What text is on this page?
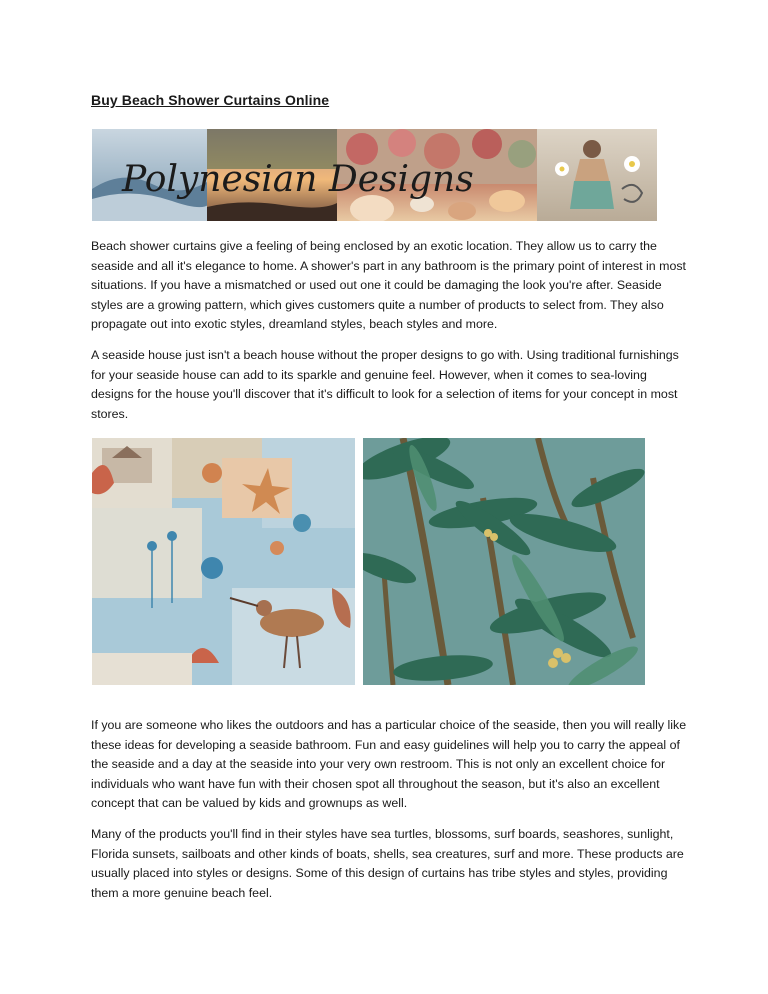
Buy Beach Shower Curtains Online
Polynesian Designs

Beach shower curtains give a feeling of being enclosed by an exotic location. They allow us to carry the seaside and all it's elegance to home. A shower's part in any bathroom is the primary point of interest in most situations. If you have a mismatched or used out one it could be damaging the look you're after. Seaside styles are a growing pattern, which gives customers quite a number of products to select from. They also propagate out into exotic styles, dreamland styles, beach styles and more.

A seaside house just isn't a beach house without the proper designs to go with. Using traditional furnishings for your seaside house can add to its sparkle and genuine feel. However, when it comes to sea-loving designs for the house you'll discover that it's difficult to look for a selection of items for your concept in most stores.

If you are someone who likes the outdoors and has a particular choice of the seaside, then you will really like these ideas for developing a seaside bathroom. Fun and easy guidelines will help you to carry the appeal of the seaside and a day at the seaside into your very own restroom. This is not only an excellent choice for individuals who want have fun with their chosen spot all throughout the season, but it's also an excellent concept that can be valued by kids and grownups as well.

Many of the products you'll find in their styles have sea turtles, blossoms, surf boards, seashores, sunlight, Florida sunsets, sailboats and other kinds of boats, shells, sea creatures, surf and more. These products are usually placed into styles or designs. Some of this design of curtains has tribe styles and styles, providing them a more genuine beach feel.
